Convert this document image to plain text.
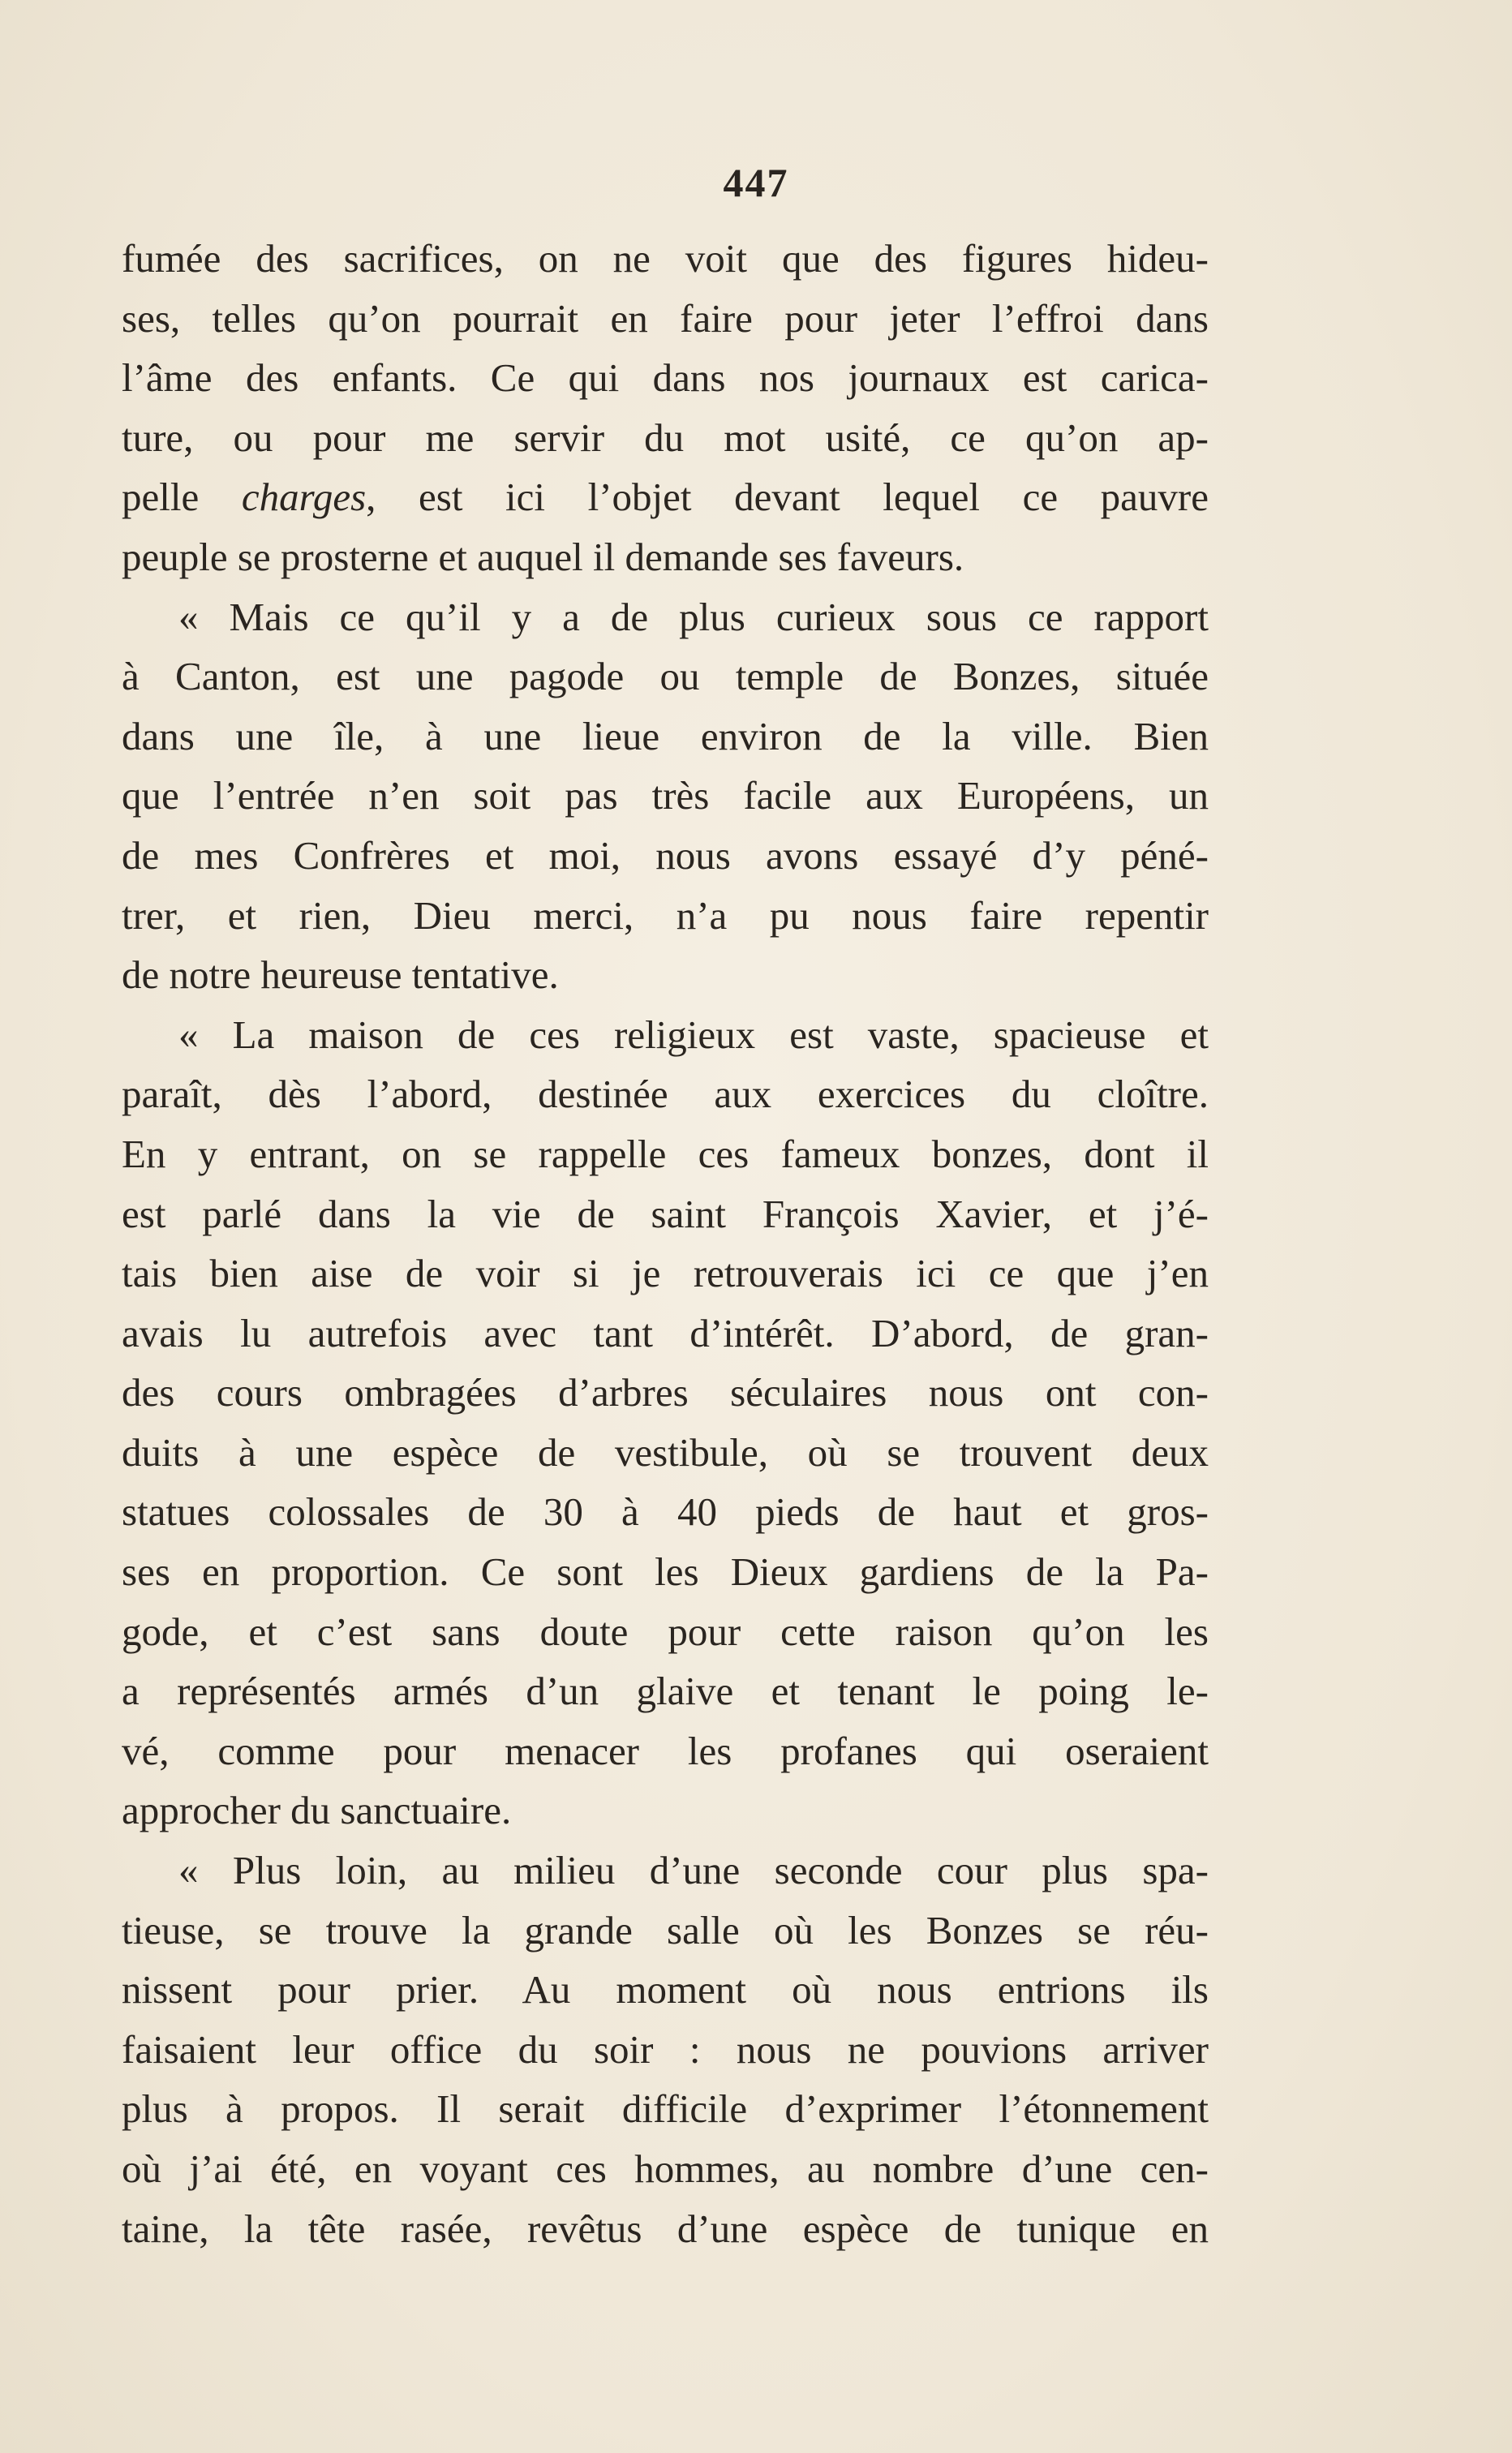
447
fumée des sacrifices, on ne voit que des figures hideu-
ses, telles qu’on pourrait en faire pour jeter l’effroi dans
l’âme des enfants. Ce qui dans nos journaux est carica-
ture, ou pour me servir du mot usité, ce qu’on ap-
pelle charges, est ici l’objet devant lequel ce pauvre
peuple se prosterne et auquel il demande ses faveurs.
« Mais ce qu’il y a de plus curieux sous ce rapport
à Canton, est une pagode ou temple de Bonzes, située
dans une île, à une lieue environ de la ville. Bien
que l’entrée n’en soit pas très facile aux Européens, un
de mes Confrères et moi, nous avons essayé d’y péné-
trer, et rien, Dieu merci, n’a pu nous faire repentir
de notre heureuse tentative.
« La maison de ces religieux est vaste, spacieuse et
paraît, dès l’abord, destinée aux exercices du cloître.
En y entrant, on se rappelle ces fameux bonzes, dont il
est parlé dans la vie de saint François Xavier, et j’é-
tais bien aise de voir si je retrouverais ici ce que j’en
avais lu autrefois avec tant d’intérêt. D’abord, de gran-
des cours ombragées d’arbres séculaires nous ont con-
duits à une espèce de vestibule, où se trouvent deux
statues colossales de 30 à 40 pieds de haut et gros-
ses en proportion. Ce sont les Dieux gardiens de la Pa-
gode, et c’est sans doute pour cette raison qu’on les
a représentés armés d’un glaive et tenant le poing le-
vé, comme pour menacer les profanes qui oseraient
approcher du sanctuaire.
« Plus loin, au milieu d’une seconde cour plus spa-
tieuse, se trouve la grande salle où les Bonzes se réu-
nissent pour prier. Au moment où nous entrions ils
faisaient leur office du soir : nous ne pouvions arriver
plus à propos. Il serait difficile d’exprimer l’étonnement
où j’ai été, en voyant ces hommes, au nombre d’une cen-
taine, la tête rasée, revêtus d’une espèce de tunique en
